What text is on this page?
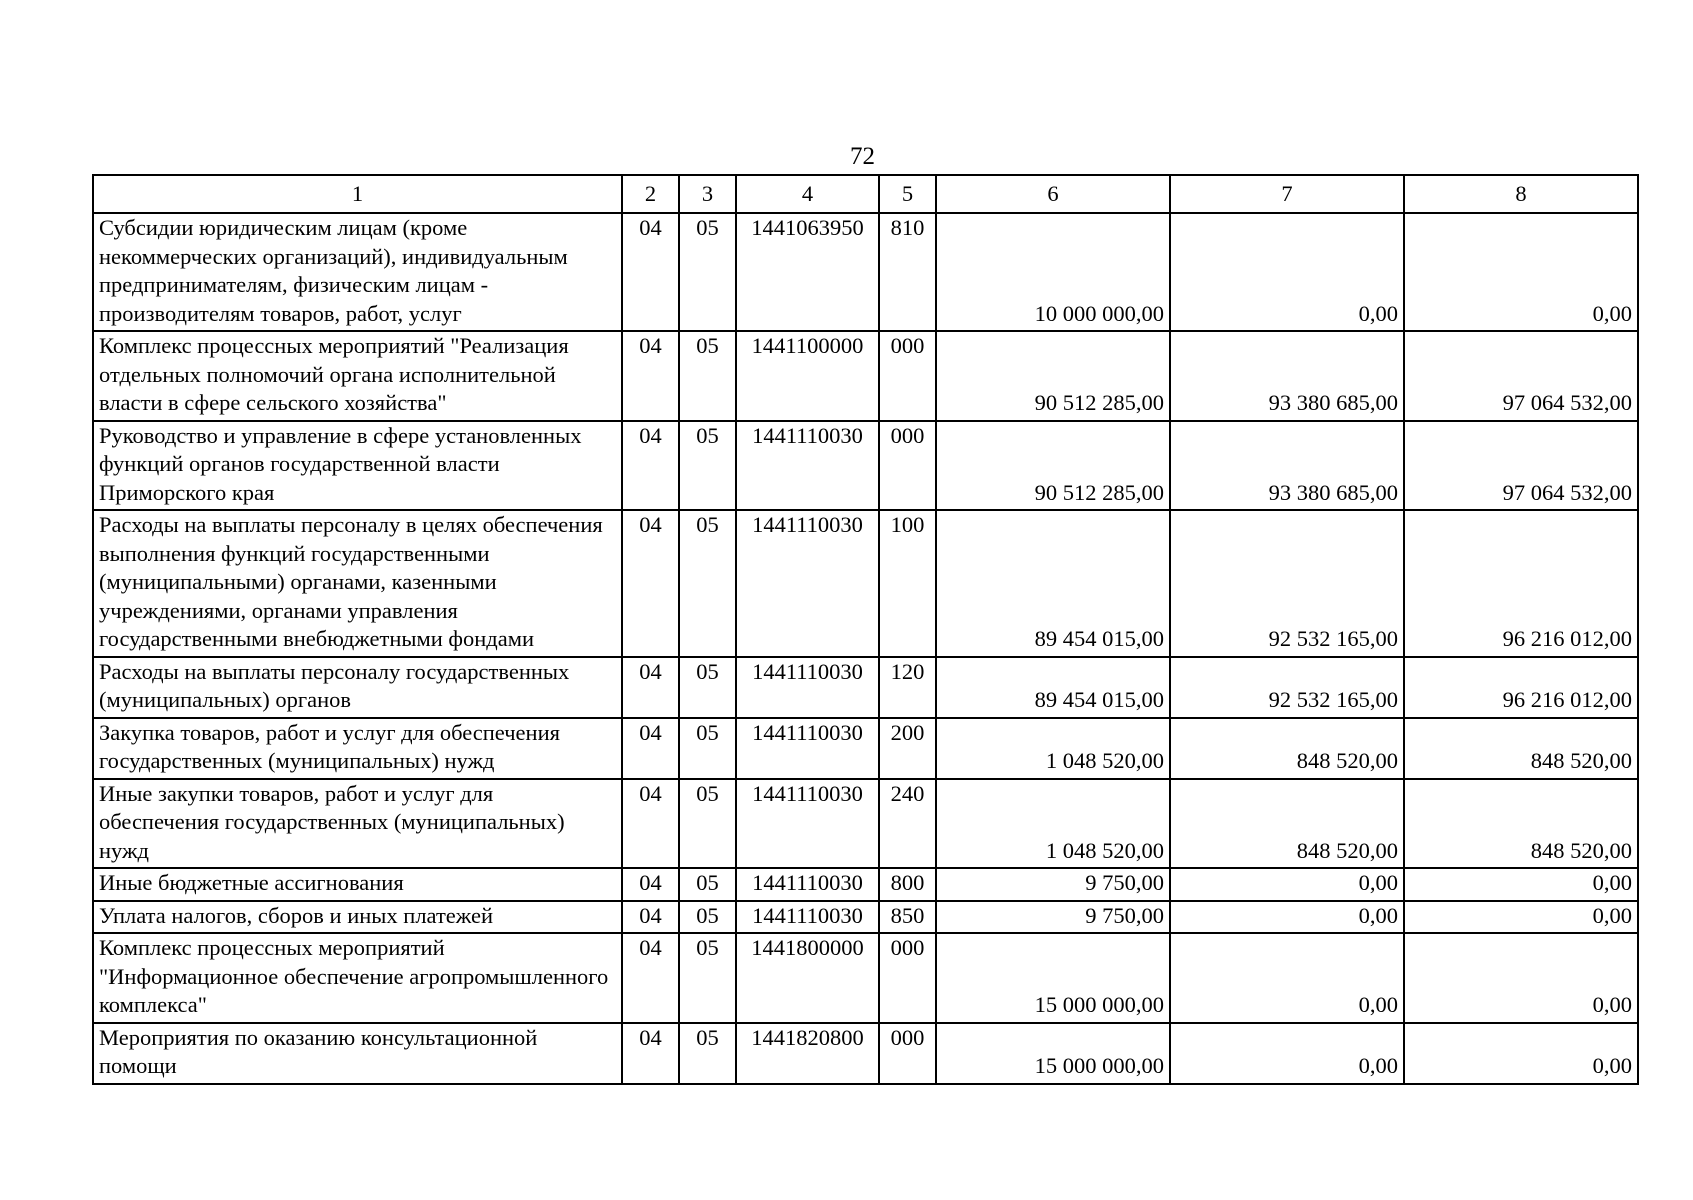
72
1	2	3	4	5	6	7	8
Субсидии юридическим лицам (кроме некоммерческих организаций), индивидуальным предпринимателям, физическим лицам - производителям товаров, работ, услуг	04	05	1441063950	810	10 000 000,00	0,00	0,00
Комплекс процессных мероприятий "Реализация отдельных полномочий органа исполнительной власти в сфере сельского хозяйства"	04	05	1441100000	000	90 512 285,00	93 380 685,00	97 064 532,00
Руководство и управление в сфере установленных функций органов государственной власти Приморского края	04	05	1441110030	000	90 512 285,00	93 380 685,00	97 064 532,00
Расходы на выплаты персоналу в целях обеспечения выполнения функций государственными (муниципальными) органами, казенными учреждениями, органами управления государственными внебюджетными фондами	04	05	1441110030	100	89 454 015,00	92 532 165,00	96 216 012,00
Расходы на выплаты персоналу государственных (муниципальных) органов	04	05	1441110030	120	89 454 015,00	92 532 165,00	96 216 012,00
Закупка товаров, работ и услуг для обеспечения государственных (муниципальных) нужд	04	05	1441110030	200	1 048 520,00	848 520,00	848 520,00
Иные закупки товаров, работ и услуг для обеспечения государственных (муниципальных) нужд	04	05	1441110030	240	1 048 520,00	848 520,00	848 520,00
Иные бюджетные ассигнования	04	05	1441110030	800	9 750,00	0,00	0,00
Уплата налогов, сборов и иных платежей	04	05	1441110030	850	9 750,00	0,00	0,00
Комплекс процессных мероприятий "Информационное обеспечение агропромышленного комплекса"	04	05	1441800000	000	15 000 000,00	0,00	0,00
Мероприятия по оказанию консультационной помощи	04	05	1441820800	000	15 000 000,00	0,00	0,00
